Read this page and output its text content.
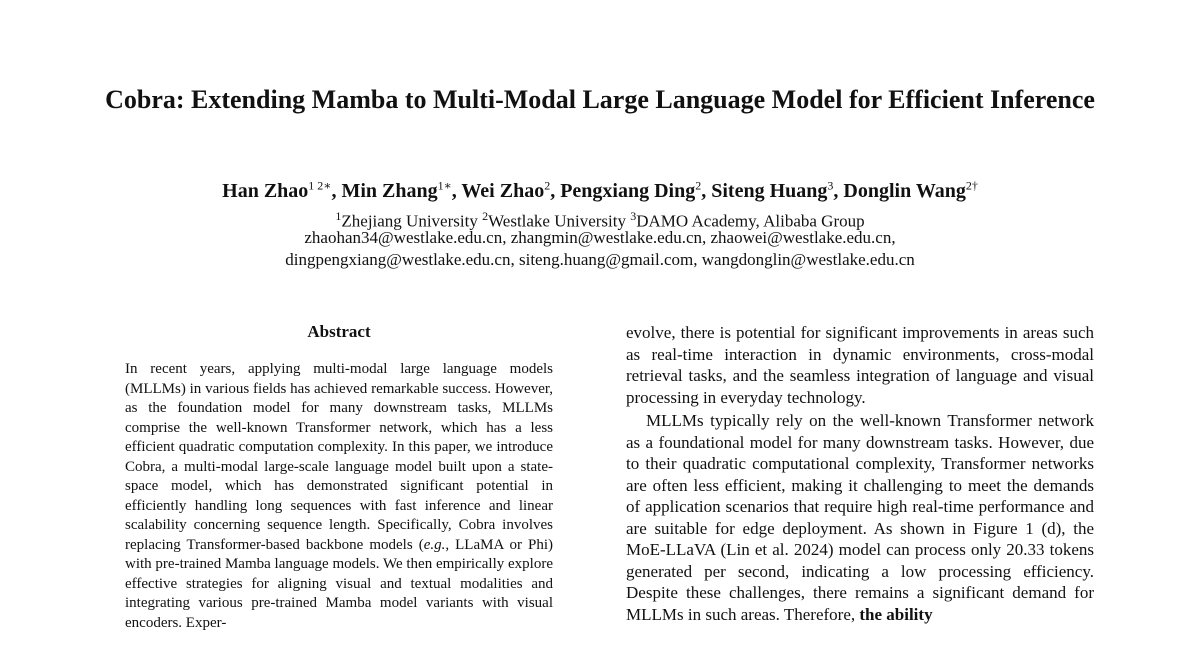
Cobra: Extending Mamba to Multi-Modal Large Language Model for Efficient Inference
Han Zhao$^{1 2∗}$, Min Zhang$^{1∗}$, Wei Zhao$^2$, Pengxiang Ding$^2$, Siteng Huang$^3$, Donglin Wang$^{2\dagger}$
$^1$Zhejiang University $^2$Westlake University $^3$DAMO Academy, Alibaba Group
zhaohan34@westlake.edu.cn, zhangmin@westlake.edu.cn, zhaowei@westlake.edu.cn,
dingpengxiang@westlake.edu.cn, siteng.huang@gmail.com, wangdonglin@westlake.edu.cn
Abstract
In recent years, applying multi-modal large language models (MLLMs) in various fields has achieved remarkable success. However, as the foundation model for many downstream tasks, MLLMs comprise the well-known Transformer network, which has a less efficient quadratic computation complexity. In this paper, we introduce Cobra, a multi-modal large-scale language model built upon a state-space model, which has demonstrated significant potential in efficiently handling long sequences with fast inference and linear scalability concerning sequence length. Specifically, Cobra involves replacing Transformer-based backbone models (e.g., LLaMA or Phi) with pre-trained Mamba language models. We then empirically explore effective strategies for aligning visual and textual modalities and integrating various pre-trained Mamba model variants with visual encoders. Exper-

evolve, there is potential for significant improvements in areas such as real-time interaction in dynamic environments, cross-modal retrieval tasks, and the seamless integration of language and visual processing in everyday technology.

MLLMs typically rely on the well-known Transformer network as a foundational model for many downstream tasks. However, due to their quadratic computational complexity, Transformer networks are often less efficient, making it challenging to meet the demands of application scenarios that require high real-time performance and are suitable for edge deployment. As shown in Figure 1 (d), the MoE-LLaVA (Lin et al. 2024) model can process only 20.33 tokens generated per second, indicating a low processing efficiency. Despite these challenges, there remains a significant demand for MLLMs in such areas. Therefore, the ability
